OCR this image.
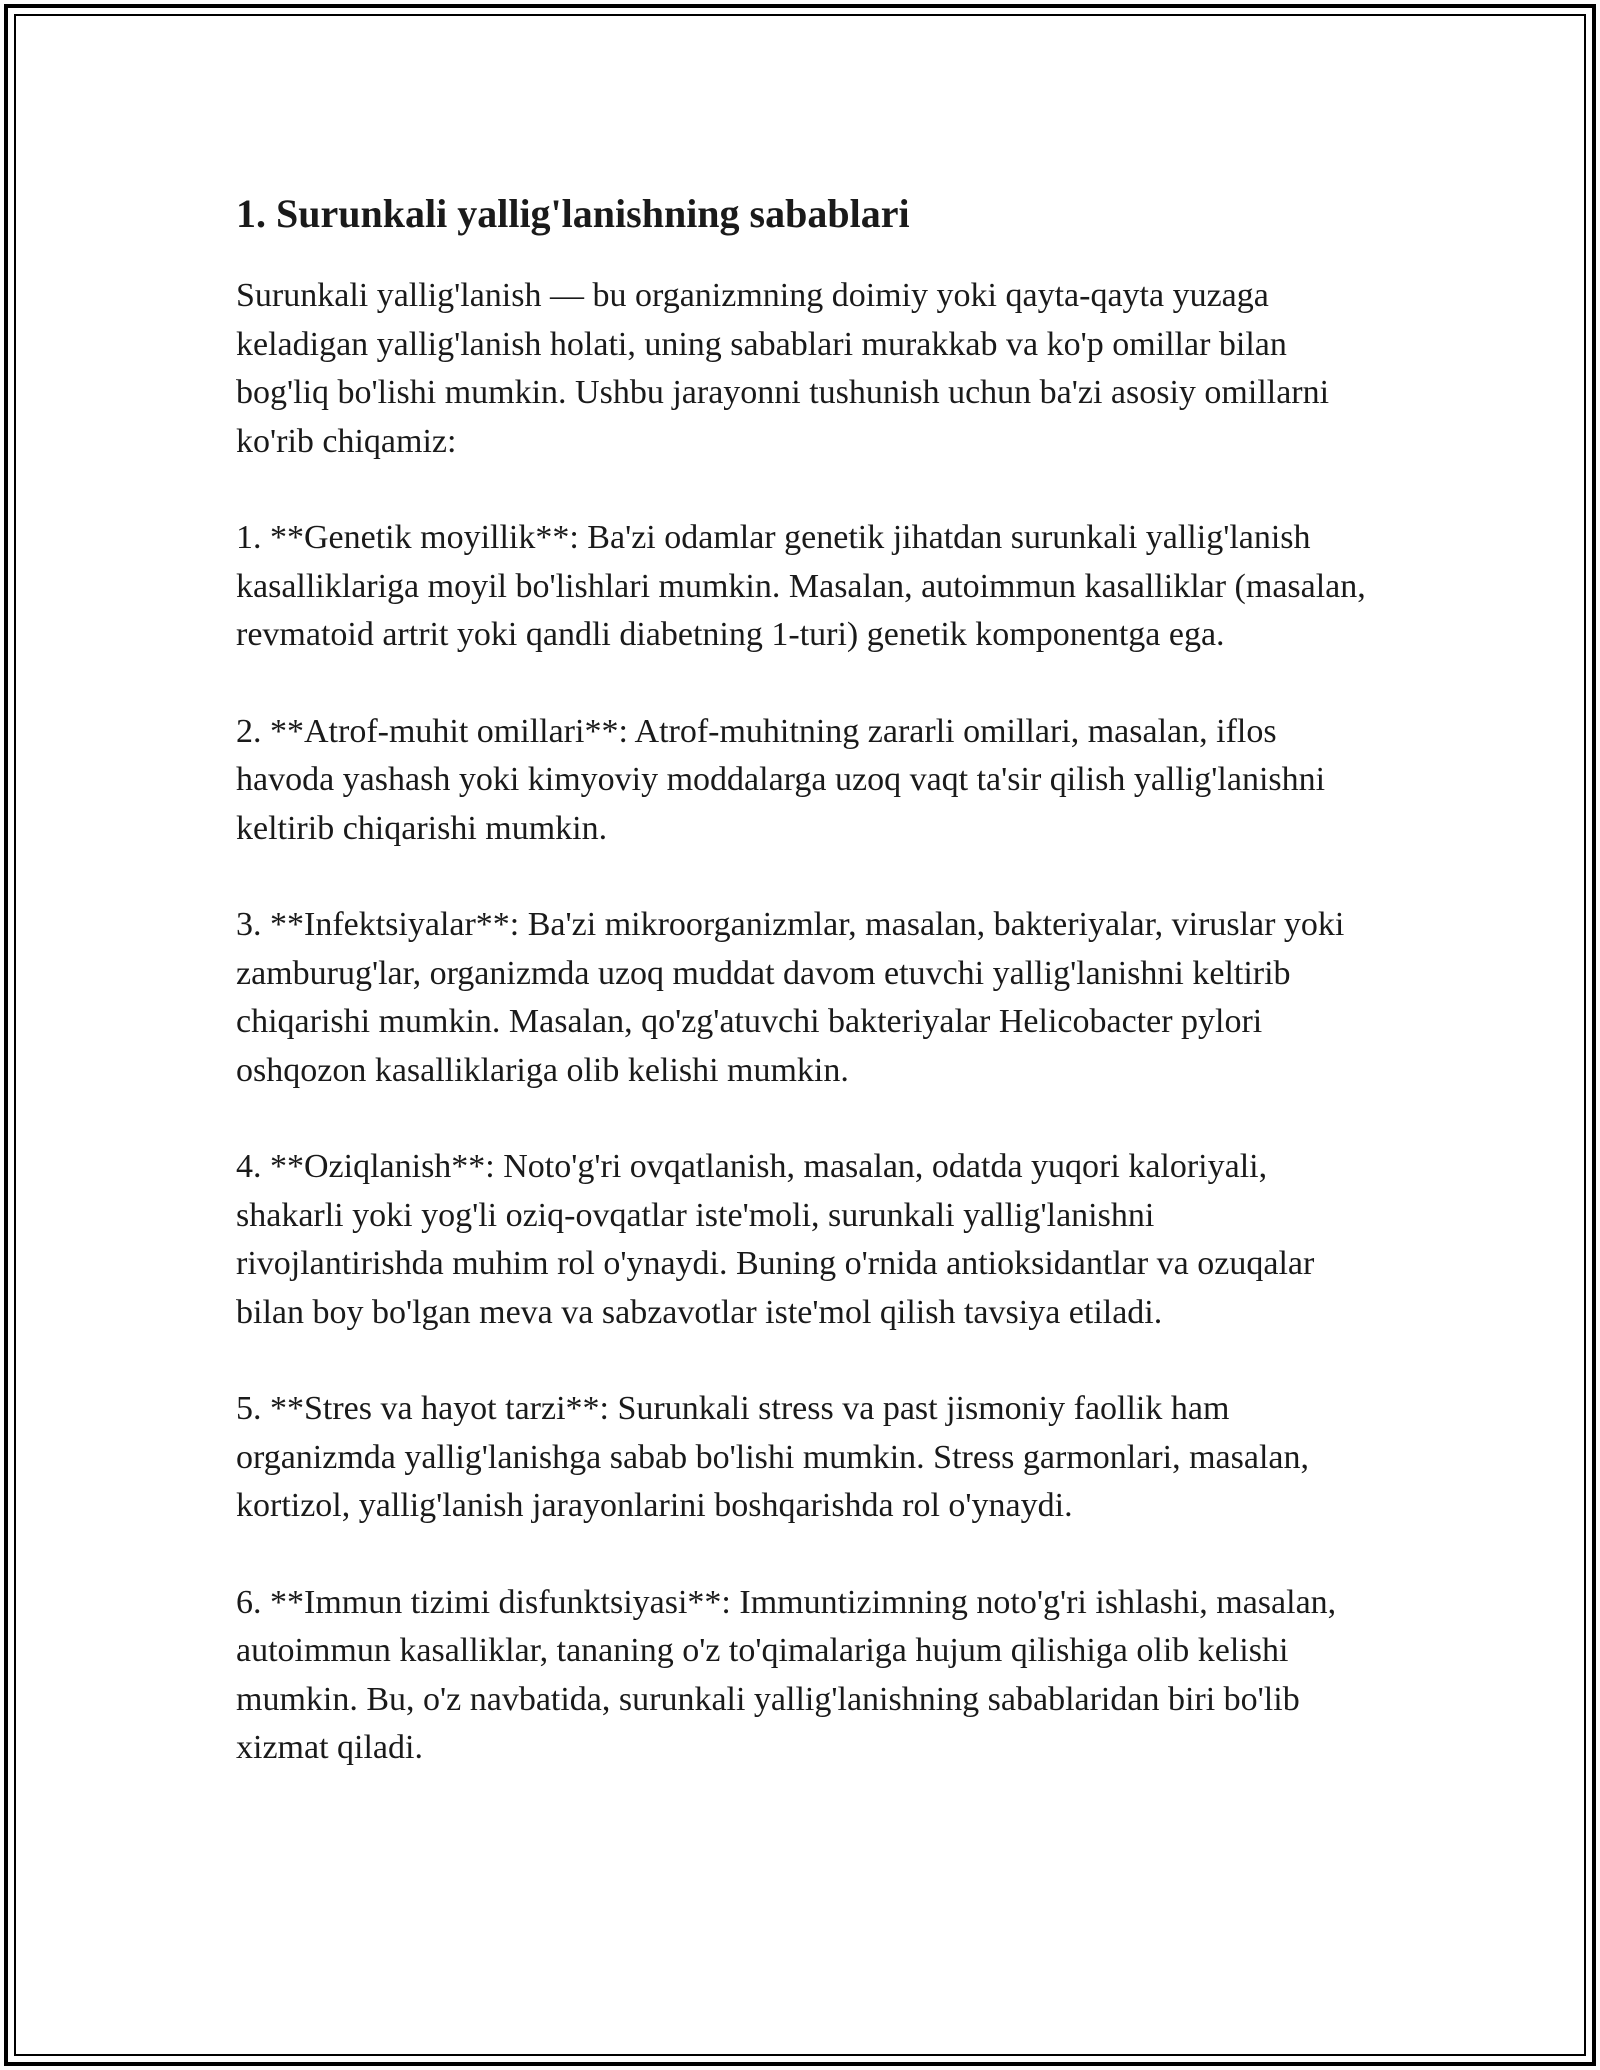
1. Surunkali yallig'lanishning sabablari

Surunkali yallig'lanish — bu organizmning doimiy yoki qayta-qayta yuzaga keladigan yallig'lanish holati, uning sabablari murakkab va ko'p omillar bilan bog'liq bo'lishi mumkin. Ushbu jarayonni tushunish uchun ba'zi asosiy omillarni ko'rib chiqamiz:

1. **Genetik moyillik**: Ba'zi odamlar genetik jihatdan surunkali yallig'lanish kasalliklariga moyil bo'lishlari mumkin. Masalan, autoimmun kasalliklar (masalan, revmatoid artrit yoki qandli diabetning 1-turi) genetik komponentga ega.

2. **Atrof-muhit omillari**: Atrof-muhitning zararli omillari, masalan, iflos havoda yashash yoki kimyoviy moddalarga uzoq vaqt ta'sir qilish yallig'lanishni keltirib chiqarishi mumkin.

3. **Infektsiyalar**: Ba'zi mikroorganizmlar, masalan, bakteriyalar, viruslar yoki zamburug'lar, organizmda uzoq muddat davom etuvchi yallig'lanishni keltirib chiqarishi mumkin. Masalan, qo'zg'atuvchi bakteriyalar Helicobacter pylori oshqozon kasalliklariga olib kelishi mumkin.

4. **Oziqlanish**: Noto'g'ri ovqatlanish, masalan, odatda yuqori kaloriyali, shakarli yoki yog'li oziq-ovqatlar iste'moli, surunkali yallig'lanishni rivojlantirishda muhim rol o'ynaydi. Buning o'rnida antioksidantlar va ozuqalar bilan boy bo'lgan meva va sabzavotlar iste'mol qilish tavsiya etiladi.

5. **Stres va hayot tarzi**: Surunkali stress va past jismoniy faollik ham organizmda yallig'lanishga sabab bo'lishi mumkin. Stress garmonlari, masalan, kortizol, yallig'lanish jarayonlarini boshqarishda rol o'ynaydi.

6. **Immun tizimi disfunktsiyasi**: Immuntizimning noto'g'ri ishlashi, masalan, autoimmun kasalliklar, tananing o'z to'qimalariga hujum qilishiga olib kelishi mumkin. Bu, o'z navbatida, surunkali yallig'lanishning sabablaridan biri bo'lib xizmat qiladi.
